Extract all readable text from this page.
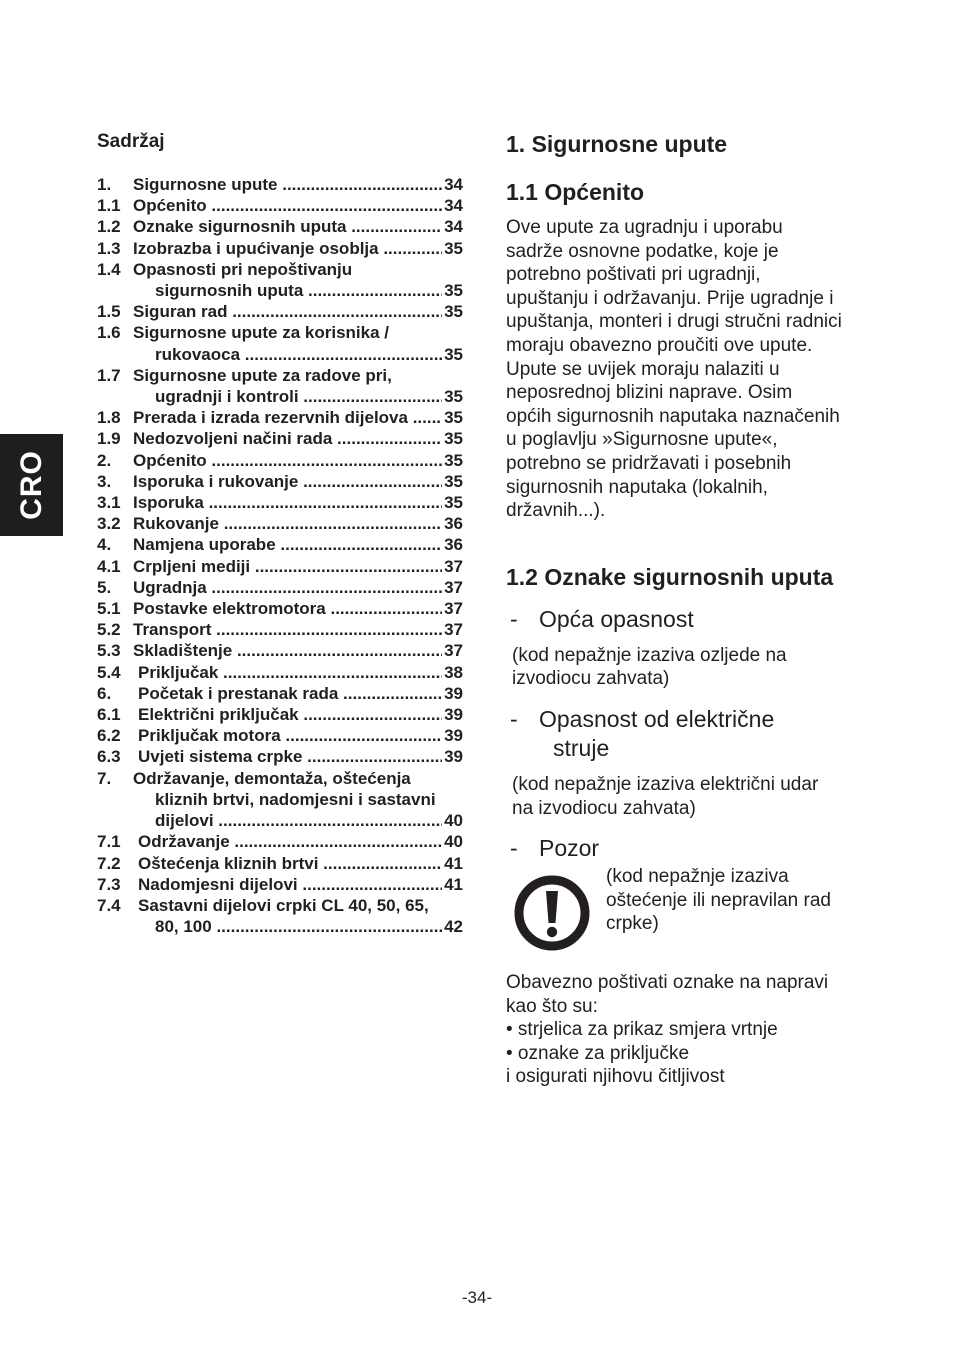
CRO
Sadržaj
1.	Sigurnosne upute .....	34
1.1 Općenito .....	34
1.2 Oznake sigurnosnih uputa .....	34
1.3 Izobrazba i upućivanje osoblja .....	35
1.4 Opasnosti pri nepoštivanju
sigurnosnih uputa .....	35
1.5 Siguran rad .....	35
1.6 Sigurnosne upute za korisnika /
rukovaoca .....	35
1.7 Sigurnosne upute za radove pri,
ugradnji i kontroli .....	35
1.8 Prerada i izrada rezervnih dijelova .....	35
1.9 Nedozvoljeni načini rada .....	35
2.	Općenito .....	35
3.	Isporuka i rukovanje .....	35
3.1 Isporuka .....	35
3.2 Rukovanje .....	36
4.	Namjena uporabe .....	36
4.1 Crpljeni mediji .....	37
5.	Ugradnja .....	37
5.1 Postavke elektromotora .....	37
5.2 Transport .....	37
5.3 Skladištenje .....	37
5.4	Priključak .....	38
6.	Početak i prestanak rada .....	39
6.1	Električni priključak .....	39
6.2	Priključak motora .....	39
6.3	Uvjeti sistema crpke .....	39
7.	Održavanje, demontaža, oštećenja
kliznih brtvi, nadomjesni i sastavni
dijelovi .....	40
7.1	Održavanje .....	40
7.2	Oštećenja kliznih brtvi .....	41
7.3	Nadomjesni dijelovi .....	41
7.4	Sastavni dijelovi crpki CL 40, 50, 65,
80, 100 .....	42
1. Sigurnosne upute
1.1 Općenito

Ove upute za ugradnju i uporabu
sadrže osnovne podatke, koje je
potrebno poštivati pri ugradnji,
upuštanju i održavanju. Prije ugradnje i
upuštanja, monteri i drugi stručni radnici
moraju obavezno proučiti ove upute.
Upute se uvijek moraju nalaziti u
neposrednoj blizini naprave. Osim
općih sigurnosnih naputaka naznačenih
u poglavlju »Sigurnosne upute«,
potrebno se pridržavati i posebnih
sigurnosnih naputaka (lokalnih,
državnih...).

1.2 Oznake sigurnosnih uputa
- Opća opasnost
(kod nepažnje izaziva ozljede na
izvodiocu zahvata)
- Opasnost od električne
struje
(kod nepažnje izaziva električni udar
na izvodiocu zahvata)
- Pozor
(kod nepažnje izaziva
oštećenje ili nepravilan rad
crpke)
Obavezno poštivati oznake na napravi
kao što su:
• strjelica za prikaz smjera vrtnje
• oznake za priključke
i osigurati njihovu čitljivost
-34-
